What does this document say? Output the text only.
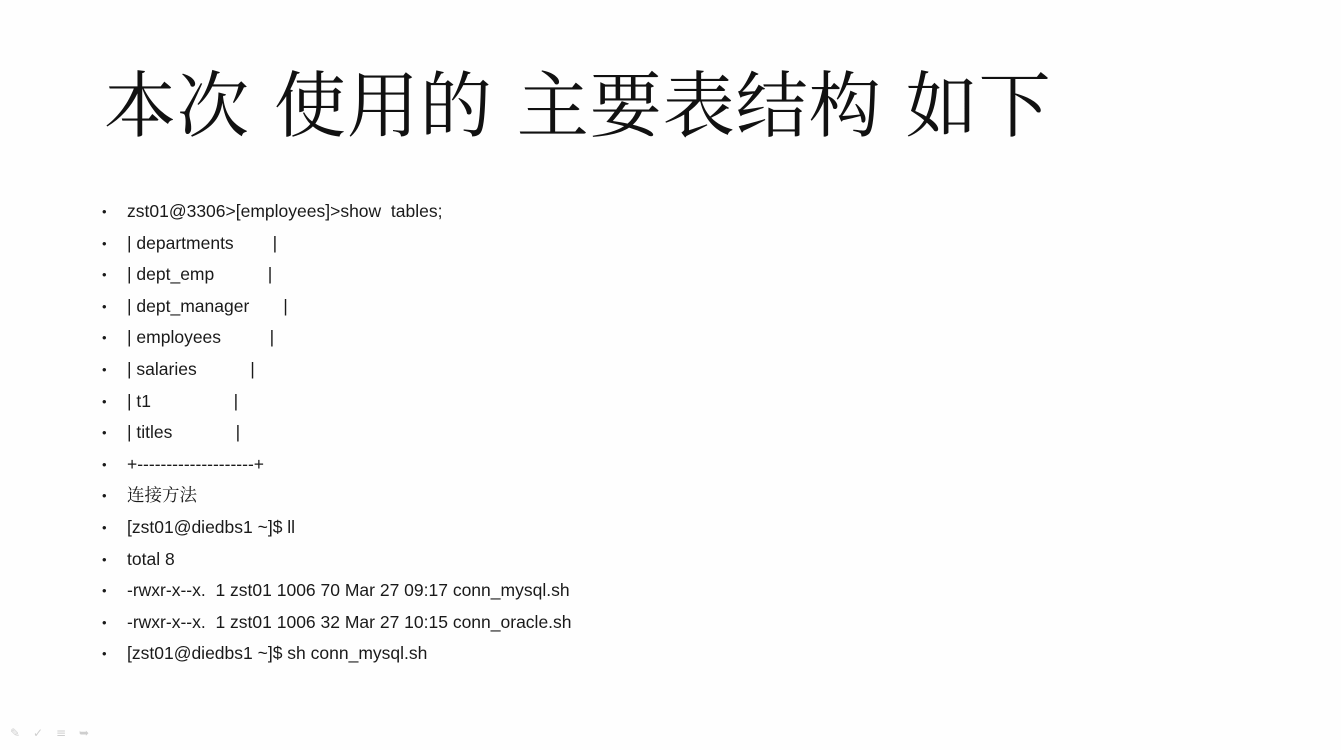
本次 使用的 主要表结构 如下
• zst01@3306>[employees]>show  tables;
• | departments        |
• | dept_emp           |
• | dept_manager       |
• | employees          |
• | salaries           |
• | t1                 |
• | titles             |
• +--------------------+
• 连接方法
• [zst01@diedbs1 ~]$ ll
• total 8
• -rwxr-x--x.  1 zst01 1006 70 Mar 27 09:17 conn_mysql.sh
• -rwxr-x--x.  1 zst01 1006 32 Mar 27 10:15 conn_oracle.sh
• [zst01@diedbs1 ~]$ sh conn_mysql.sh
✎ ✓ ≡ ➥
